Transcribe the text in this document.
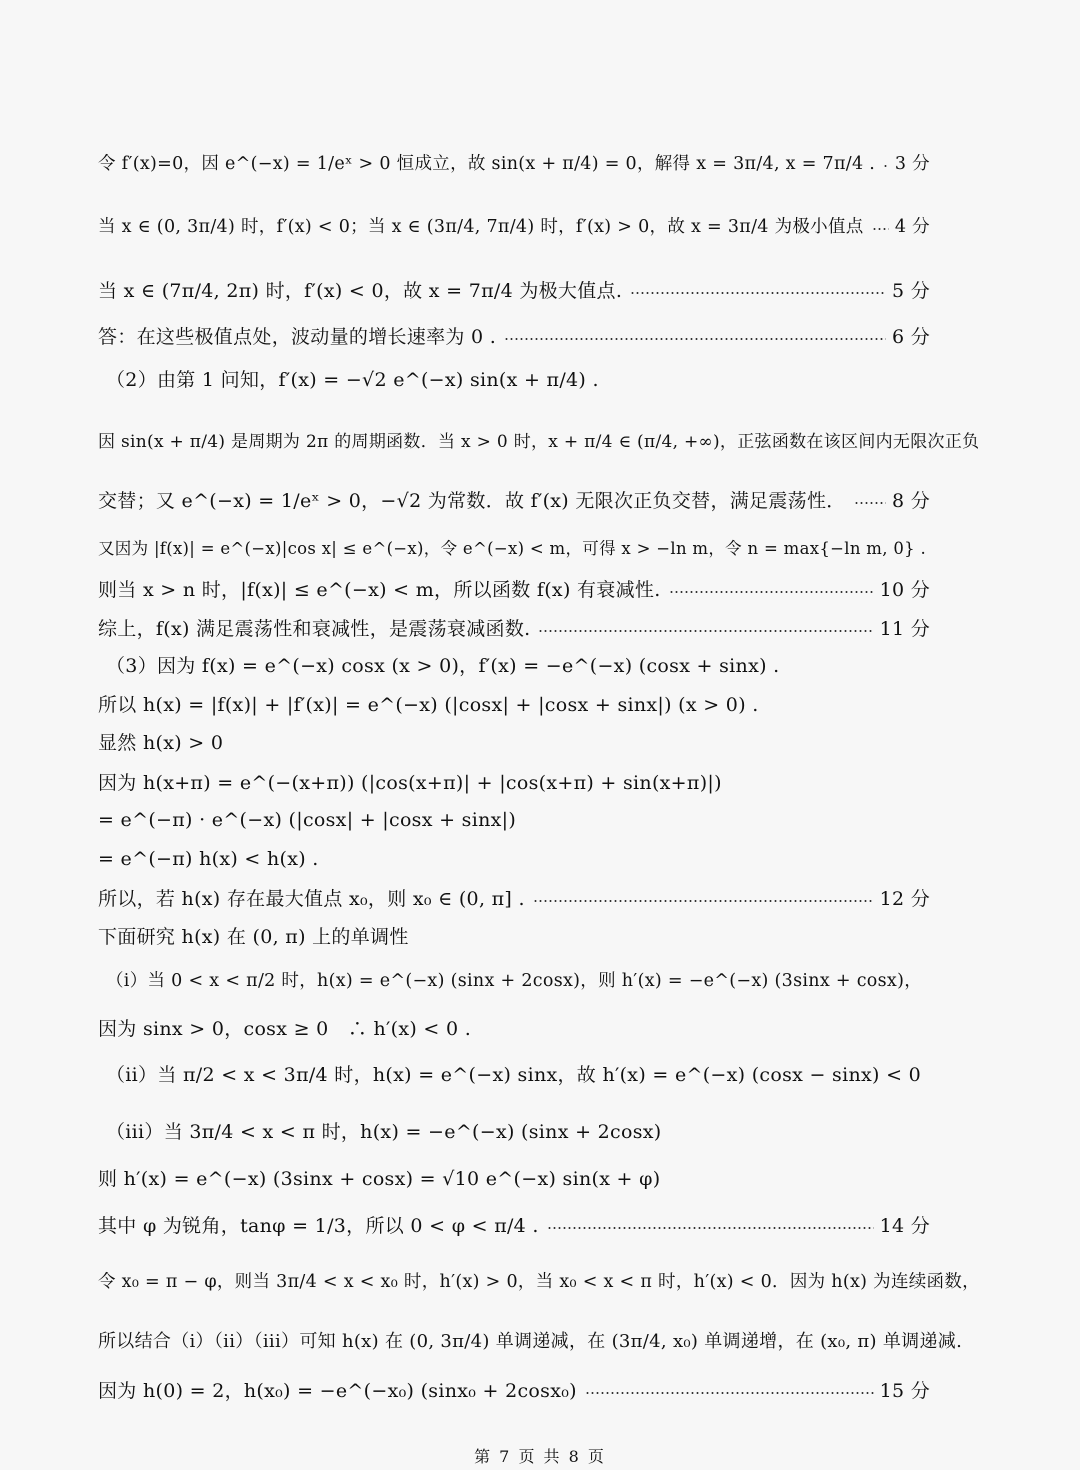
令 f′(x)=0，因 e^(−x) = 1/eˣ > 0 恒成立，故 sin(x + π/4) = 0，解得 x = 3π/4, x = 7π/4 . 3 分
当 x ∈ (0, 3π/4) 时，f′(x) < 0；当 x ∈ (3π/4, 7π/4) 时，f′(x) > 0，故 x = 3π/4 为极小值点 4 分
当 x ∈ (7π/4, 2π) 时，f′(x) < 0，故 x = 7π/4 为极大值点.	5 分
答：在这些极值点处，波动量的增长速率为 0 .	6 分
（2）由第 1 问知，f′(x) = −√2 e^(−x) sin(x + π/4) .
因 sin(x + π/4) 是周期为 2π 的周期函数．当 x > 0 时，x + π/4 ∈ (π/4, +∞)，正弦函数在该区间内无限次正负
交替；又 e^(−x) = 1/eˣ > 0，−√2 为常数．故 f′(x) 无限次正负交替，满足震荡性． 8 分
又因为 |f(x)| = e^(−x)|cos x| ≤ e^(−x)，令 e^(−x) < m，可得 x > −ln m，令 n = max{−ln m, 0} .
则当 x > n 时，|f(x)| ≤ e^(−x) < m，所以函数 f(x) 有衰减性.	10 分
综上，f(x) 满足震荡性和衰减性，是震荡衰减函数.	11 分
（3）因为 f(x) = e^(−x) cosx (x > 0)，f′(x) = −e^(−x) (cosx + sinx) .
所以 h(x) = |f(x)| + |f′(x)| = e^(−x) (|cosx| + |cosx + sinx|) (x > 0) .
显然 h(x) > 0
因为 h(x+π) = e^(−(x+π)) (|cos(x+π)| + |cos(x+π) + sin(x+π)|)
= e^(−π) · e^(−x) (|cosx| + |cosx + sinx|)
= e^(−π) h(x) < h(x) .
所以，若 h(x) 存在最大值点 x₀，则 x₀ ∈ (0, π] .	12 分
下面研究 h(x) 在 (0, π) 上的单调性
（i）当 0 < x < π/2 时，h(x) = e^(−x) (sinx + 2cosx)，则 h′(x) = −e^(−x) (3sinx + cosx)，
因为 sinx > 0，cosx ≥ 0　∴ h′(x) < 0 .
（ii）当 π/2 < x < 3π/4 时，h(x) = e^(−x) sinx，故 h′(x) = e^(−x) (cosx − sinx) < 0
（iii）当 3π/4 < x < π 时，h(x) = −e^(−x) (sinx + 2cosx)
则 h′(x) = e^(−x) (3sinx + cosx) = √10 e^(−x) sin(x + φ)
其中 φ 为锐角，tanφ = 1/3，所以 0 < φ < π/4 .	14 分
令 x₀ = π − φ，则当 3π/4 < x < x₀ 时，h′(x) > 0，当 x₀ < x < π 时，h′(x) < 0．因为 h(x) 为连续函数，
所以结合（i）（ii）（iii）可知 h(x) 在 (0, 3π/4) 单调递减，在 (3π/4, x₀) 单调递增，在 (x₀, π) 单调递减.
因为 h(0) = 2，h(x₀) = −e^(−x₀) (sinx₀ + 2cosx₀)	15 分
第 7 页 共 8 页
